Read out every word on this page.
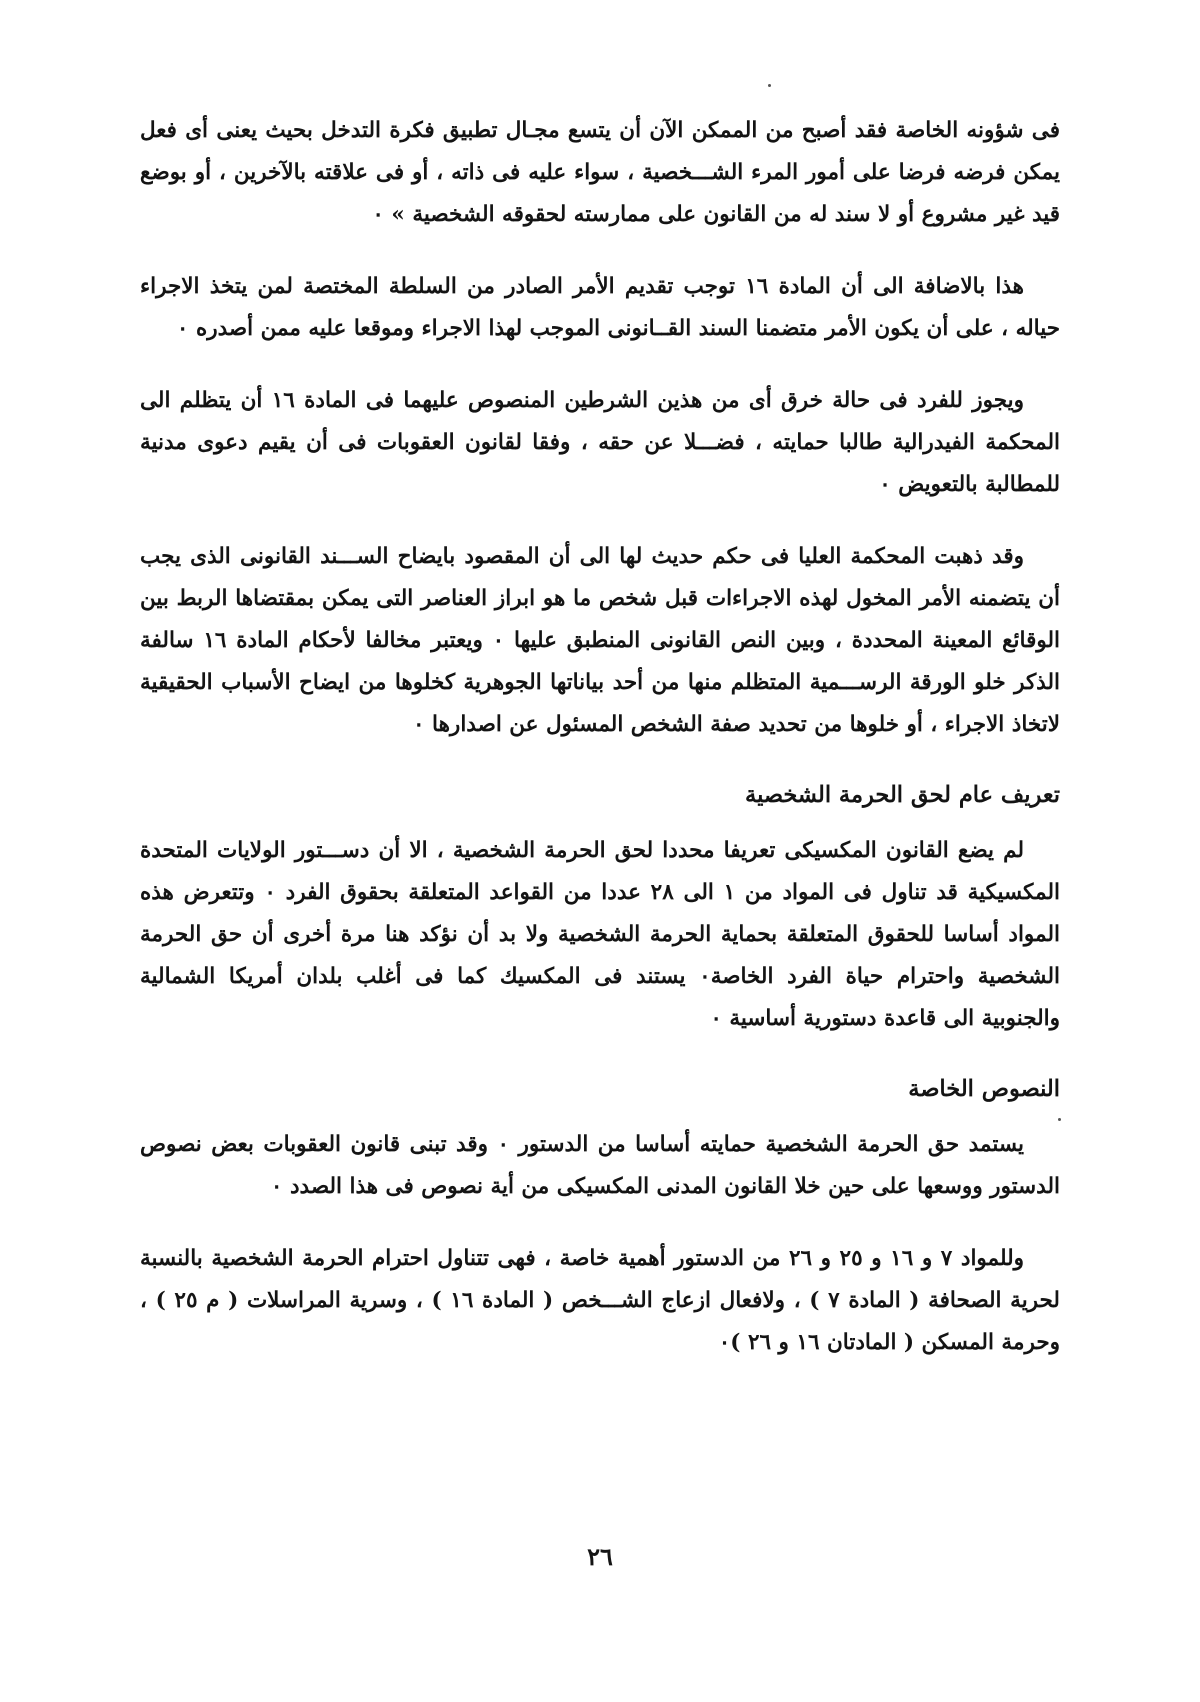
فى شؤونه الخاصة فقد أصبح من الممكن الآن أن يتسع مجـال تطبيق فكرة التدخل بحيث يعنى أى فعل يمكن فرضه فرضا على أمور المرء الشـــخصية ، سواء عليه فى ذاته ، أو فى علاقته بالآخرين ، أو بوضع قيد غير مشروع أو لا سند له من القانون على ممارسته لحقوقه الشخصية » ٠

هذا بالاضافة الى أن المادة ١٦ توجب تقديم الأمر الصادر من السلطة المختصة لمن يتخذ الاجراء حياله ، على أن يكون الأمر متضمنا السند القــانونى الموجب لهذا الاجراء وموقعا عليه ممن أصدره ٠

ويجوز للفرد فى حالة خرق أى من هذين الشرطين المنصوص عليهما فى المادة ١٦ أن يتظلم الى المحكمة الفيدرالية طالبا حمايته ، فضـــلا عن حقه ، وفقا لقانون العقوبات فى أن يقيم دعوى مدنية للمطالبة بالتعويض ٠

وقد ذهبت المحكمة العليا فى حكم حديث لها الى أن المقصود بايضاح الســـند القانونى الذى يجب أن يتضمنه الأمر المخول لهذه الاجراءات قبل شخص ما هو ابراز العناصر التى يمكن بمقتضاها الربط بين الوقائع المعينة المحددة ، وبين النص القانونى المنطبق عليها ٠ ويعتبر مخالفا لأحكام المادة ١٦ سالفة الذكر خلو الورقة الرســـمية المتظلم منها من أحد بياناتها الجوهرية كخلوها من ايضاح الأسباب الحقيقية لاتخاذ الاجراء ، أو خلوها من تحديد صفة الشخص المسئول عن اصدارها ٠

تعريف عام لحق الحرمة الشخصية

لم يضع القانون المكسيكى تعريفا محددا لحق الحرمة الشخصية ، الا أن دســـتور الولايات المتحدة المكسيكية قد تناول فى المواد من ١ الى ٢٨ عددا من القواعد المتعلقة بحقوق الفرد ٠ وتتعرض هذه المواد أساسا للحقوق المتعلقة بحماية الحرمة الشخصية ولا بد أن نؤكد هنا مرة أخرى أن حق الحرمة الشخصية واحترام حياة الفرد الخاصة٠ يستند فى المكسيك كما فى أغلب بلدان أمريكا الشمالية والجنوبية الى قاعدة دستورية أساسية ٠

النصوص الخاصة

يستمد حق الحرمة الشخصية حمايته أساسا من الدستور ٠ وقد تبنى قانون العقوبات بعض نصوص الدستور ووسعها على حين خلا القانون المدنى المكسيكى من أية نصوص فى هذا الصدد ٠

وللمواد ٧ و ١٦ و ٢٥ و ٢٦ من الدستور أهمية خاصة ، فهى تتناول احترام الحرمة الشخصية بالنسبة لحرية الصحافة ( المادة ٧ ) ، ولافعال ازعاج الشـــخص ( المادة ١٦ ) ، وسرية المراسلات ( م ٢٥ ) ، وحرمة المسكن ( المادتان ١٦ و ٢٦ )٠

٢٦
